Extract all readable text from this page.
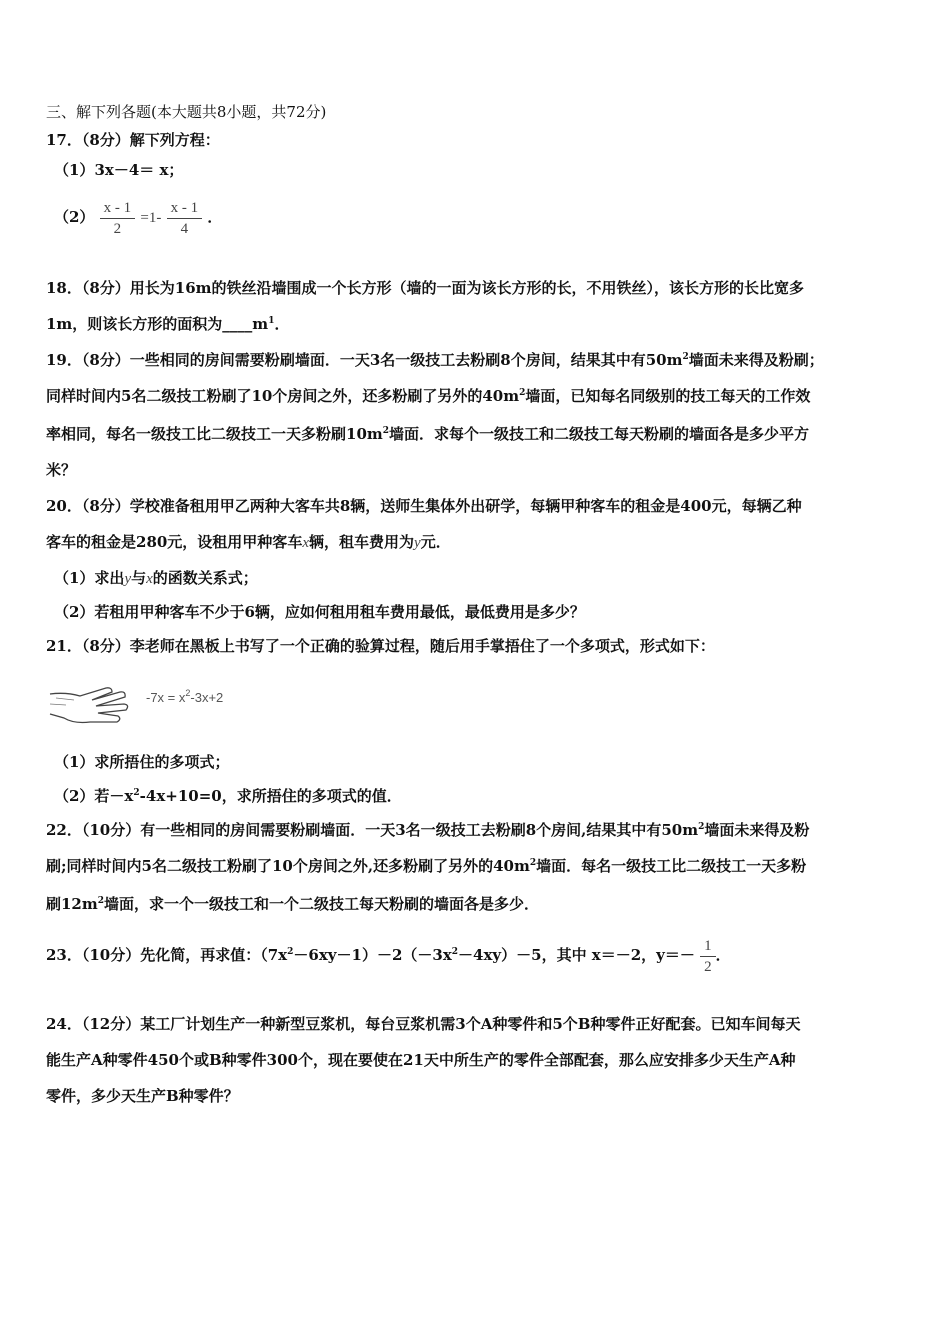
三、解下列各题(本大题共8小题，共72分)
17．（8分）解下列方程：
（1）3x－4＝ x；
$(2) \frac{x - 1}{2} =1- \frac{x - 1}{4}$ ．
18．（8分）用长为16m的铁丝沿墙围成一个长方形（墙的一面为该长方形的长，不用铁丝），该长方形的长比宽多
1m，则该长方形的面积为$\_\_\_\_m^1$．
19．（8分）一些相同的房间需要粉刷墙面．一天3名一级技工去粉刷8个房间，结果其中有$50m^2$墙面未来得及粉刷；
同样时间内5名二级技工粉刷了10个房间之外，还多粉刷了另外的$40m^2$墙面，已知每名同级别的技工每天的工作效
率相同，每名一级技工比二级技工一天多粉刷$10m^2$墙面．求每个一级技工和二级技工每天粉刷的墙面各是多少平方
米？
20．（8分）学校准备租用甲乙两种大客车共8辆，送师生集体外出研学，每辆甲种客车的租金是400元，每辆乙种
客车的租金是280元，设租用甲种客车x辆，租车费用为y元．
（1）求出y与x的函数关系式；
（2）若租用甲种客车不少于6辆，应如何租用租车费用最低，最低费用是多少？
21．（8分）李老师在黑板上书写了一个正确的验算过程，随后用手掌捂住了一个多项式，形式如下：
$-7x = x^2-3x+2$
（1）求所捂住的多项式；
（2）若$-x^2-4x+10=0$，求所捂住的多项式的值．
22．（10分）有一些相同的房间需要粉刷墙面．一天3名一级技工去粉刷8个房间,结果其中有$50m^2$墙面未来得及粉
刷;同样时间内5名二级技工粉刷了10个房间之外,还多粉刷了另外的$40m^2$墙面．每名一级技工比二级技工一天多粉
刷$12m^2$墙面，求一个一级技工和一个二级技工每天粉刷的墙面各是多少．
23．（10分）先化简，再求值：$(7x^2-6xy-1)-2(-3x^2-4xy)-5$，其中 x＝－2，$y=- \frac{1}{2}$ ．
24．（12分）某工厂计划生产一种新型豆浆机，每台豆浆机需3个A种零件和5个B种零件正好配套。已知车间每天
能生产A种零件450个或B种零件300个，现在要使在21天中所生产的零件全部配套，那么应安排多少天生产A种
零件，多少天生产B种零件？
